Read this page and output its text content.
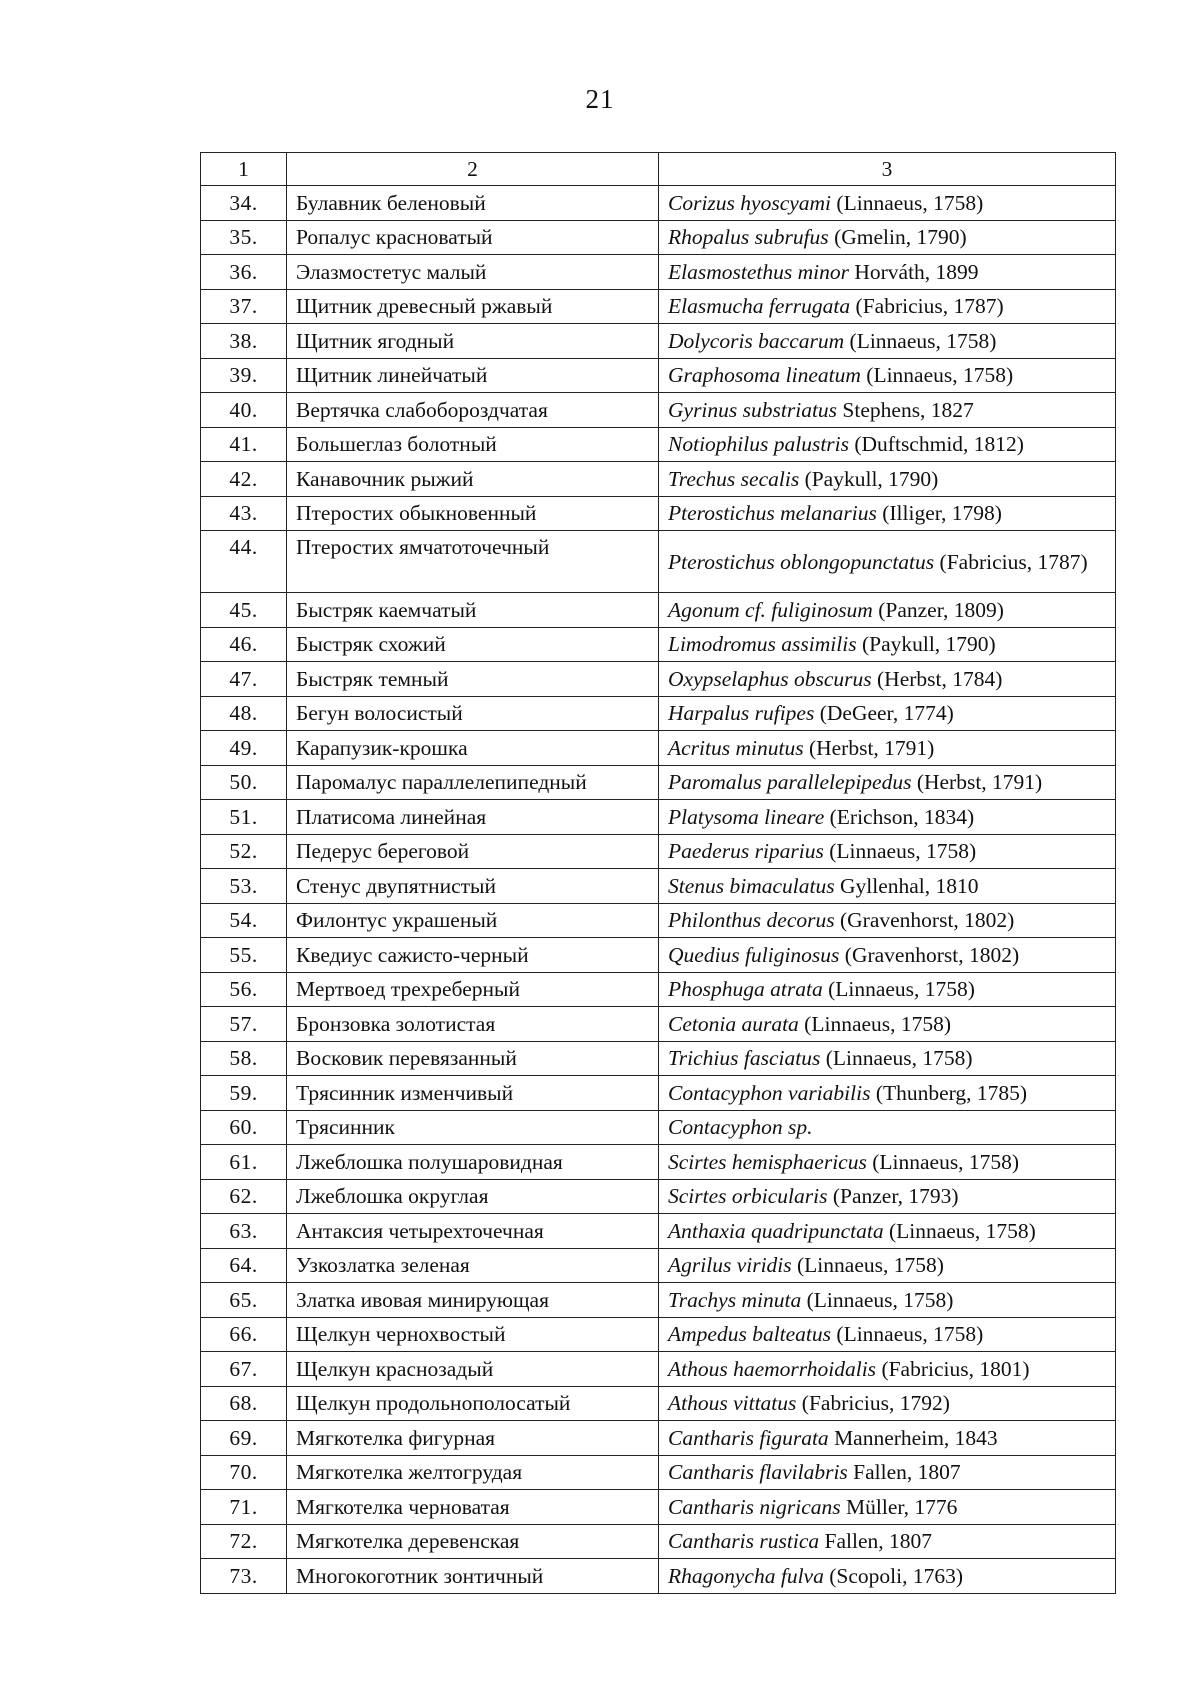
21
1	2	3
34.	Булавник беленовый	Corizus hyoscyami (Linnaeus, 1758)
35.	Ропалус красноватый	Rhopalus subrufus (Gmelin, 1790)
36.	Элазмостетус малый	Elasmostethus minor Horváth, 1899
37.	Щитник древесный ржавый	Elasmucha ferrugata (Fabricius, 1787)
38.	Щитник ягодный	Dolycoris baccarum (Linnaeus, 1758)
39.	Щитник линейчатый	Graphosoma lineatum (Linnaeus, 1758)
40.	Вертячка слабобороздчатая	Gyrinus substriatus Stephens, 1827
41.	Большеглаз болотный	Notiophilus palustris (Duftschmid, 1812)
42.	Канавочник рыжий	Trechus secalis (Paykull, 1790)
43.	Птеростих обыкновенный	Pterostichus melanarius (Illiger, 1798)
44.	Птеростих ямчатоточечный	Pterostichus oblongopunctatus (Fabricius, 1787)
45.	Быстряк каемчатый	Agonum cf. fuliginosum (Panzer, 1809)
46.	Быстряк схожий	Limodromus assimilis (Paykull, 1790)
47.	Быстряк темный	Oxypselaphus obscurus (Herbst, 1784)
48.	Бегун волосистый	Harpalus rufipes (DeGeer, 1774)
49.	Карапузик-крошка	Acritus minutus (Herbst, 1791)
50.	Паромалус параллелепипедный	Paromalus parallelepipedus (Herbst, 1791)
51.	Платисома линейная	Platysoma lineare (Erichson, 1834)
52.	Педерус береговой	Paederus riparius (Linnaeus, 1758)
53.	Стенус двупятнистый	Stenus bimaculatus Gyllenhal, 1810
54.	Филонтус украшеный	Philonthus decorus (Gravenhorst, 1802)
55.	Кведиус сажисто-черный	Quedius fuliginosus (Gravenhorst, 1802)
56.	Мертвоед трехреберный	Phosphuga atrata (Linnaeus, 1758)
57.	Бронзовка золотистая	Cetonia aurata (Linnaeus, 1758)
58.	Восковик перевязанный	Trichius fasciatus (Linnaeus, 1758)
59.	Трясинник изменчивый	Contacyphon variabilis (Thunberg, 1785)
60.	Трясинник	Contacyphon sp.
61.	Лжеблошка полушаровидная	Scirtes hemisphaericus (Linnaeus, 1758)
62.	Лжеблошка округлая	Scirtes orbicularis (Panzer, 1793)
63.	Антаксия четырехточечная	Anthaxia quadripunctata (Linnaeus, 1758)
64.	Узкозлатка зеленая	Agrilus viridis (Linnaeus, 1758)
65.	Златка ивовая минирующая	Trachys minuta (Linnaeus, 1758)
66.	Щелкун чернохвостый	Ampedus balteatus (Linnaeus, 1758)
67.	Щелкун краснозадый	Athous haemorrhoidalis (Fabricius, 1801)
68.	Щелкун продольнополосатый	Athous vittatus (Fabricius, 1792)
69.	Мягкотелка фигурная	Cantharis figurata Mannerheim, 1843
70.	Мягкотелка желтогрудая	Cantharis flavilabris Fallen, 1807
71.	Мягкотелка черноватая	Cantharis nigricans Müller, 1776
72.	Мягкотелка деревенская	Cantharis rustica Fallen, 1807
73.	Многокоготник зонтичный	Rhagonycha fulva (Scopoli, 1763)
